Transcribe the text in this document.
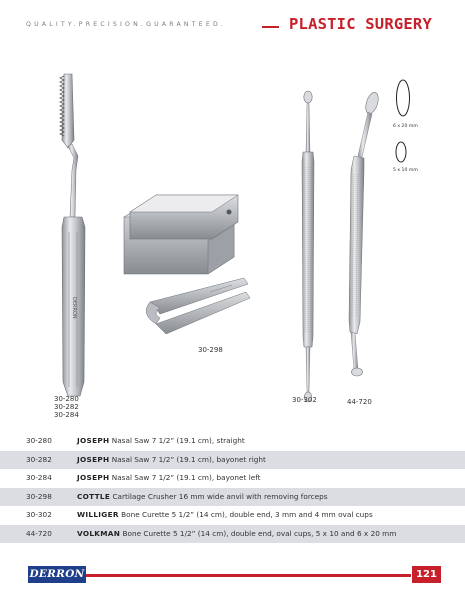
QUALITY.PRECISION.GUARANTEED.	PLASTIC SURGERY
DERRON
30-280
30-282
30-284
30-298
30-302	44-720
6 x 20 mm
5 x 10 mm
30-280	JOSEPH Nasal Saw 7 1/2” (19.1 cm), straight
30-282	JOSEPH Nasal Saw 7 1/2” (19.1 cm), bayonet right
30-284	JOSEPH Nasal Saw 7 1/2” (19.1 cm), bayonet left
30-298	COTTLE Cartilage Crusher 16 mm wide anvil with removing forceps
30-302	WILLIGER Bone Curette 5 1/2” (14 cm), double end, 3 mm and 4 mm oval cups
44-720	VOLKMAN Bone Curette 5 1/2” (14 cm), double end, oval cups, 5 x 10 and 6 x 20 mm
DERRON	121
